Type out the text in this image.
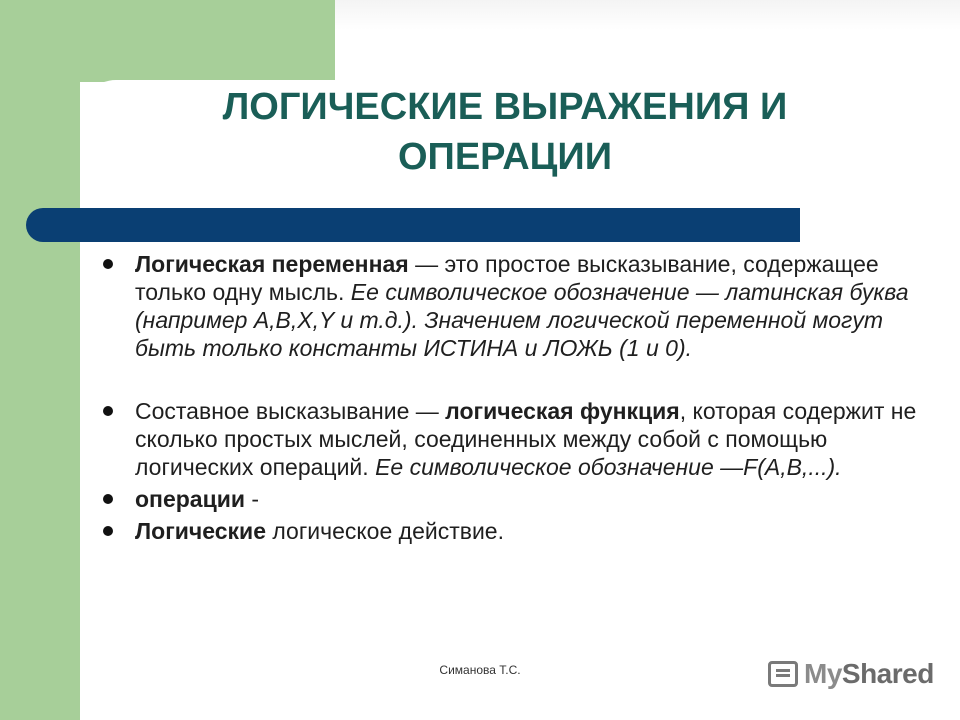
ЛОГИЧЕСКИЕ ВЫРАЖЕНИЯ И
ОПЕРАЦИИ
Логическая переменная — это простое высказывание, содержащее только одну мысль. Ее символическое обозначение — латинская буква (например A,B,X,Y и т.д.). Значением логической переменной могут быть только константы ИСТИНА и ЛОЖЬ (1 и 0).
Составное высказывание — логическая функция, которая содержит не сколько простых мыслей, соединенных между собой с помощью логических операций. Ее символическое обозначение —F(A,B,...).
операции -
Логические логическое действие.
Симанова Т.С.	MyShared
